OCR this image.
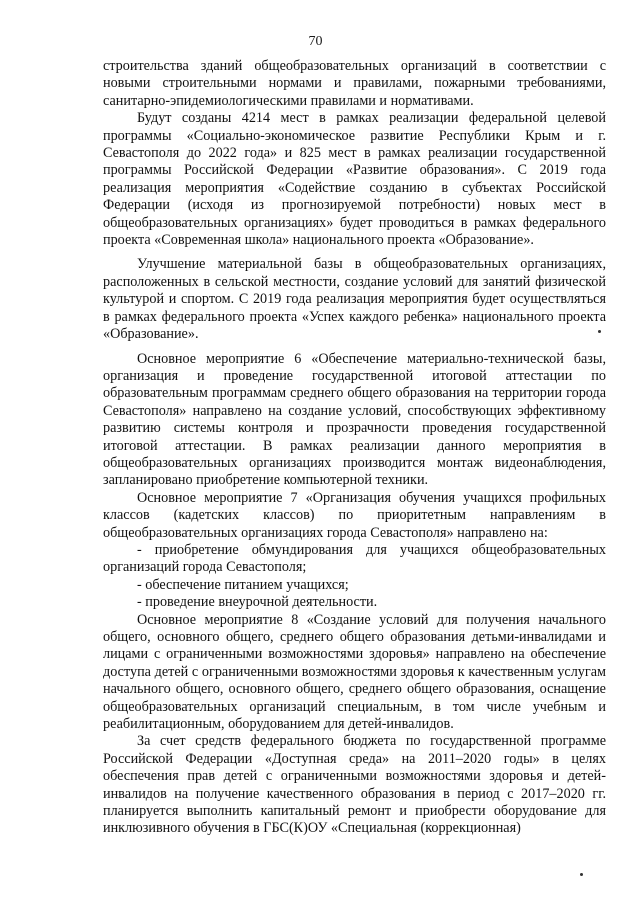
70

строительства зданий общеобразовательных организаций в соответствии с новыми строительными нормами и правилами, пожарными требованиями, санитарно-эпидемиологическими правилами и нормативами.

Будут созданы 4214 мест в рамках реализации федеральной целевой программы «Социально-экономическое развитие Республики Крым и г. Севастополя до 2022 года» и 825 мест в рамках реализации государственной программы Российской Федерации «Развитие образования». С 2019 года реализация мероприятия «Содействие созданию в субъектах Российской Федерации (исходя из прогнозируемой потребности) новых мест в общеобразовательных организациях» будет проводиться в рамках федерального проекта «Современная школа» национального проекта «Образование».

Улучшение материальной базы в общеобразовательных организациях, расположенных в сельской местности, создание условий для занятий физической культурой и спортом. С 2019 года реализация мероприятия будет осуществляться в рамках федерального проекта «Успех каждого ребенка» национального проекта «Образование».

Основное мероприятие 6 «Обеспечение материально-технической базы, организация и проведение государственной итоговой аттестации по образовательным программам среднего общего образования на территории города Севастополя» направлено на создание условий, способствующих эффективному развитию системы контроля и прозрачности проведения государственной итоговой аттестации. В рамках реализации данного мероприятия в общеобразовательных организациях производится монтаж видеонаблюдения, запланировано приобретение компьютерной техники.

Основное мероприятие 7 «Организация обучения учащихся профильных классов (кадетских классов) по приоритетным направлениям в общеобразовательных организациях города Севастополя» направлено на:

- приобретение обмундирования для учащихся общеобразовательных организаций города Севастополя;

- обеспечение питанием учащихся;

- проведение внеурочной деятельности.

Основное мероприятие 8 «Создание условий для получения начального общего, основного общего, среднего общего образования детьми-инвалидами и лицами с ограниченными возможностями здоровья» направлено на обеспечение доступа детей с ограниченными возможностями здоровья к качественным услугам начального общего, основного общего, среднего общего образования, оснащение общеобразовательных организаций специальным, в том числе учебным и реабилитационным, оборудованием для детей-инвалидов.

За счет средств федерального бюджета по государственной программе Российской Федерации «Доступная среда» на 2011–2020 годы» в целях обеспечения прав детей с ограниченными возможностями здоровья и детей-инвалидов на получение качественного образования в период с 2017–2020 гг. планируется выполнить капитальный ремонт и приобрести оборудование для инклюзивного обучения в ГБС(К)ОУ «Специальная (коррекционная)
